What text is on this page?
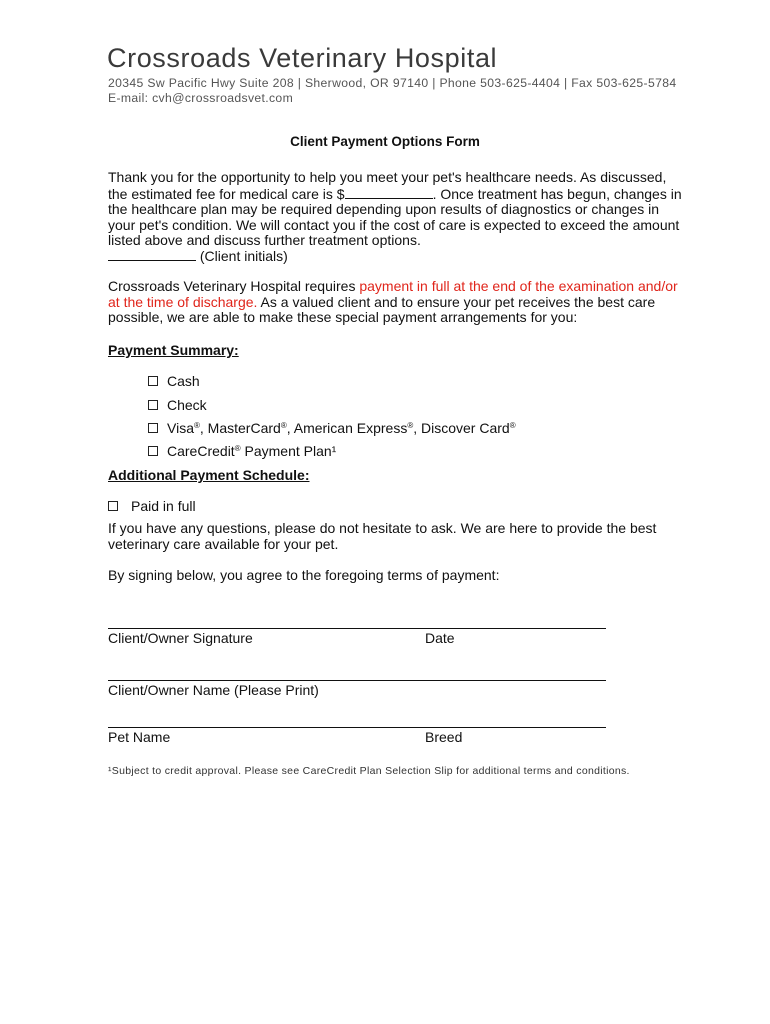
Crossroads Veterinary Hospital
20345 Sw Pacific Hwy Suite 208 | Sherwood, OR 97140 | Phone 503-625-4404 | Fax 503-625-5784
E-mail: cvh@crossroadsvet.com
Client Payment Options Form
Thank you for the opportunity to help you meet your pet's healthcare needs. As discussed,
the estimated fee for medical care is $	. Once treatment has begun, changes in
the healthcare plan may be required depending upon results of diagnostics or changes in
your pet's condition. We will contact you if the cost of care is expected to exceed the amount
listed above and discuss further treatment options.
(Client initials)
Crossroads Veterinary Hospital requires payment in full at the end of the examination and/or
at the time of discharge. As a valued client and to ensure your pet receives the best care
possible, we are able to make these special payment arrangements for you:
Payment Summary:
Cash
Check
Visa®, MasterCard®, American Express®, Discover Card®
CareCredit® Payment Plan¹
Additional Payment Schedule:
Paid in full
If you have any questions, please do not hesitate to ask. We are here to provide the best
veterinary care available for your pet.
By signing below, you agree to the foregoing terms of payment:
Client/Owner Signature	Date
Client/Owner Name (Please Print)
Pet Name	Breed
¹Subject to credit approval. Please see CareCredit Plan Selection Slip for additional terms and conditions.
